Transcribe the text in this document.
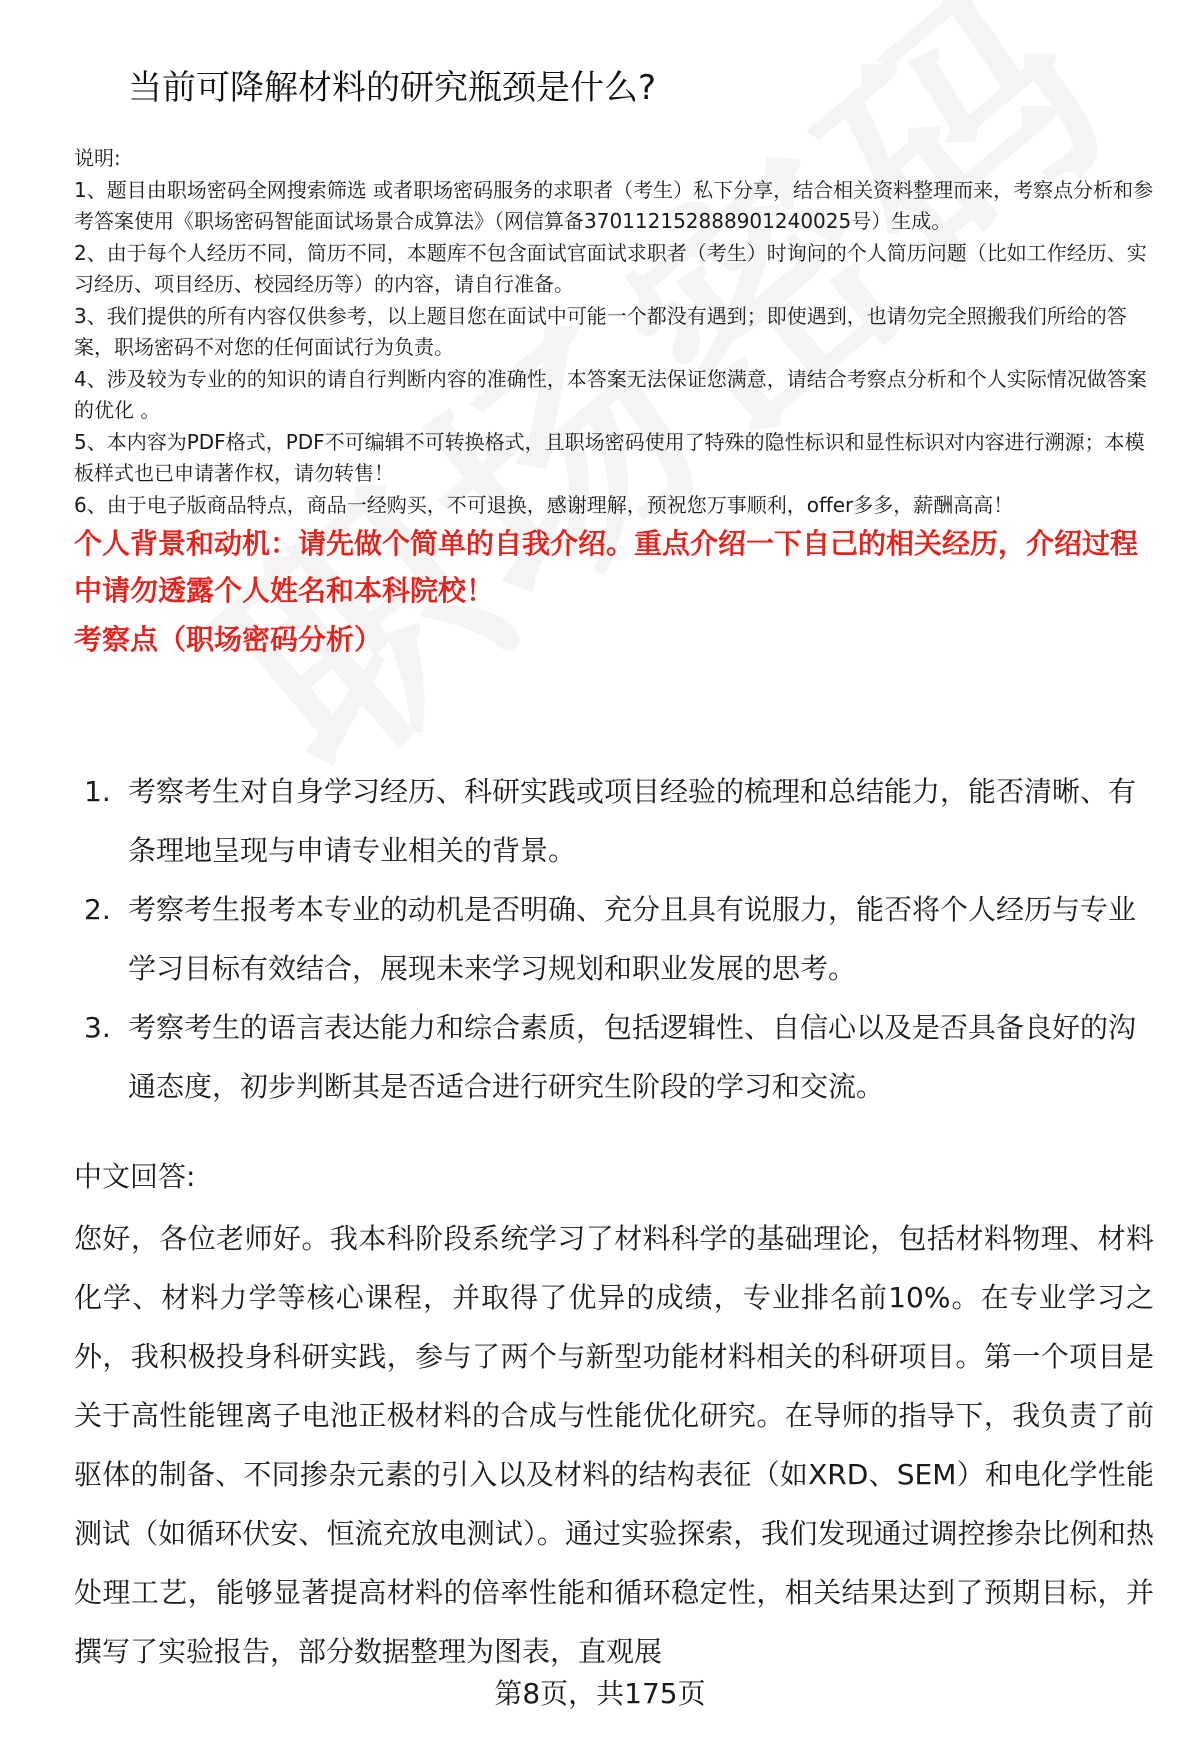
当前可降解材料的研究瓶颈是什么?

说明:

1、题目由职场密码全网搜索筛选 或者职场密码服务的求职者（考生）私下分享，结合相关资料整理而来，考察点分析和参考答案使用《职场密码智能面试场景合成算法》（网信算备370112152888901240025号）生成。

2、由于每个人经历不同，简历不同，本题库不包含面试官面试求职者（考生）时询问的个人简历问题（比如工作经历、实习经历、项目经历、校园经历等）的内容，请自行准备。

3、我们提供的所有内容仅供参考，以上题目您在面试中可能一个都没有遇到；即使遇到，也请勿完全照搬我们所给的答案，职场密码不对您的任何面试行为负责。

4、涉及较为专业的的知识的请自行判断内容的准确性，本答案无法保证您满意，请结合考察点分析和个人实际情况做答案的优化 。

5、本内容为PDF格式，PDF不可编辑不可转换格式，且职场密码使用了特殊的隐性标识和显性标识对内容进行溯源；本模板样式也已申请著作权，请勿转售！

6、由于电子版商品特点，商品一经购买，不可退换，感谢理解，预祝您万事顺利，offer多多，薪酬高高！

个人背景和动机：请先做个简单的自我介绍。重点介绍一下自己的相关经历，介绍过程中请勿透露个人姓名和本科院校！
考察点（职场密码分析）
1. 考察考生对自身学习经历、科研实践或项目经验的梳理和总结能力，能否清晰、有条理地呈现与申请专业相关的背景。
2. 考察考生报考本专业的动机是否明确、充分且具有说服力，能否将个人经历与专业学习目标有效结合，展现未来学习规划和职业发展的思考。
3. 考察考生的语言表达能力和综合素质，包括逻辑性、自信心以及是否具备良好的沟通态度，初步判断其是否适合进行研究生阶段的学习和交流。

中文回答:

您好，各位老师好。我本科阶段系统学习了材料科学的基础理论，包括材料物理、材料化学、材料力学等核心课程，并取得了优异的成绩，专业排名前10%。在专业学习之外，我积极投身科研实践，参与了两个与新型功能材料相关的科研项目。第一个项目是关于高性能锂离子电池正极材料的合成与性能优化研究。在导师的指导下，我负责了前驱体的制备、不同掺杂元素的引入以及材料的结构表征（如XRD、SEM）和电化学性能测试（如循环伏安、恒流充放电测试）。通过实验探索，我们发现通过调控掺杂比例和热处理工艺，能够显著提高材料的倍率性能和循环稳定性，相关结果达到了预期目标，并撰写了实验报告，部分数据整理为图表，直观展

第8页，共175页
